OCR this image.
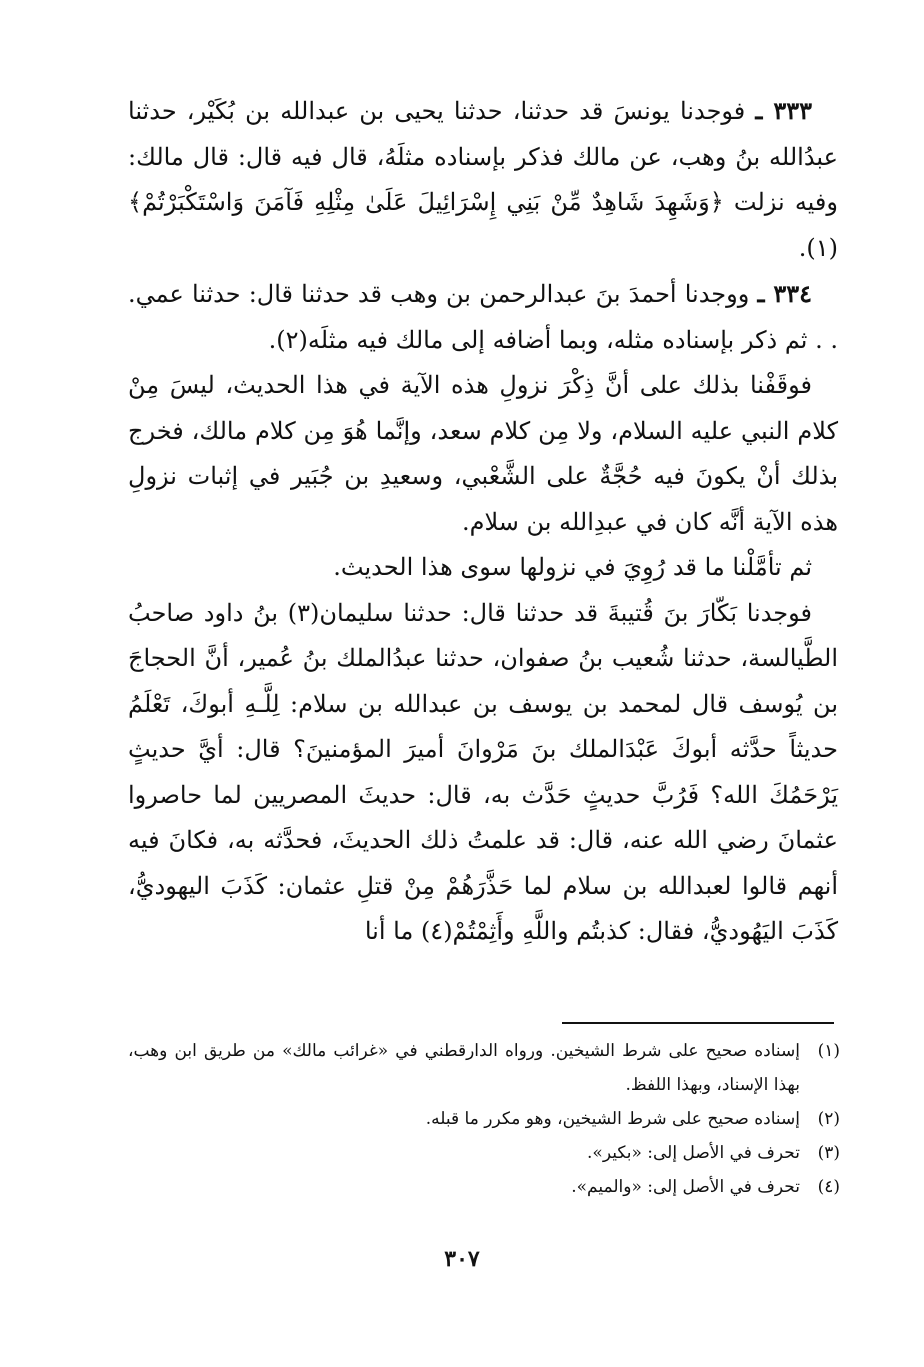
٣٣٣ ـ فوجدنا يونسَ قد حدثنا، حدثنا يحيى بن عبدالله بن بُكَيْر، حدثنا عبدُالله بنُ وهب، عن مالك فذكر بإسناده مثلَهُ، قال فيه قال: قال مالك: وفيه نزلت ﴿وَشَهِدَ شَاهِدٌ مِّنْ بَنِي إِسْرَائِيلَ عَلَىٰ مِثْلِهِ فَآمَنَ وَاسْتَكْبَرْتُمْ﴾(١).

٣٣٤ ـ ووجدنا أحمدَ بنَ عبدالرحمن بن وهب قد حدثنا قال: حدثنا عمي. . . ثم ذكر بإسناده مثله، وبما أضافه إلى مالك فيه مثلَه(٢).

فوقَفْنا بذلك على أنَّ ذِكْرَ نزولِ هذه الآية في هذا الحديث، ليسَ مِنْ كلام النبي عليه السلام، ولا مِن كلام سعد، وإنَّما هُوَ مِن كلام مالك، فخرج بذلك أنْ يكونَ فيه حُجَّةٌ على الشَّعْبي، وسعيدِ بن جُبَير في إثبات نزولِ هذه الآية أنَّه كان في عبدِالله بن سلام.

ثم تأمَّلْنا ما قد رُوِيَ في نزولها سوى هذا الحديث.

فوجدنا بَكّارَ بنَ قُتيبةَ قد حدثنا قال: حدثنا سليمان(٣) بنُ داود صاحبُ الطَّيالسة، حدثنا شُعيب بنُ صفوان، حدثنا عبدُالملك بنُ عُمير، أنَّ الحجاجَ بن يُوسف قال لمحمد بن يوسف بن عبدالله بن سلام: لِلَّـهِ أبوكَ، تَعْلَمُ حديثاً حدَّثه أبوكَ عَبْدَالملك بنَ مَرْوانَ أميرَ المؤمنينَ؟ قال: أيَّ حديثٍ يَرْحَمُكَ الله؟ فَرُبَّ حديثٍ حَدَّث به، قال: حديثَ المصريين لما حاصروا عثمانَ رضي الله عنه، قال: قد علمتُ ذلك الحديثَ، فحدَّثه به، فكانَ فيه أنهم قالوا لعبدالله بن سلام لما حَذَّرَهُمْ مِنْ قتلِ عثمان: كَذَبَ اليهوديُّ، كَذَبَ اليَهُوديُّ، فقال: كذبتُم واللَّهِ وأَثِمْتُمْ(٤) ما أنا

(١)
إسناده صحيح على شرط الشيخين. ورواه الدارقطني في «غرائب مالك» من طريق ابن وهب، بهذا الإسناد، وبهذا اللفظ.

(٢)
إسناده صحيح على شرط الشيخين، وهو مكرر ما قبله.

(٣)
تحرف في الأصل إلى: «بكير».

(٤)
تحرف في الأصل إلى: «والميم».

٣٠٧
